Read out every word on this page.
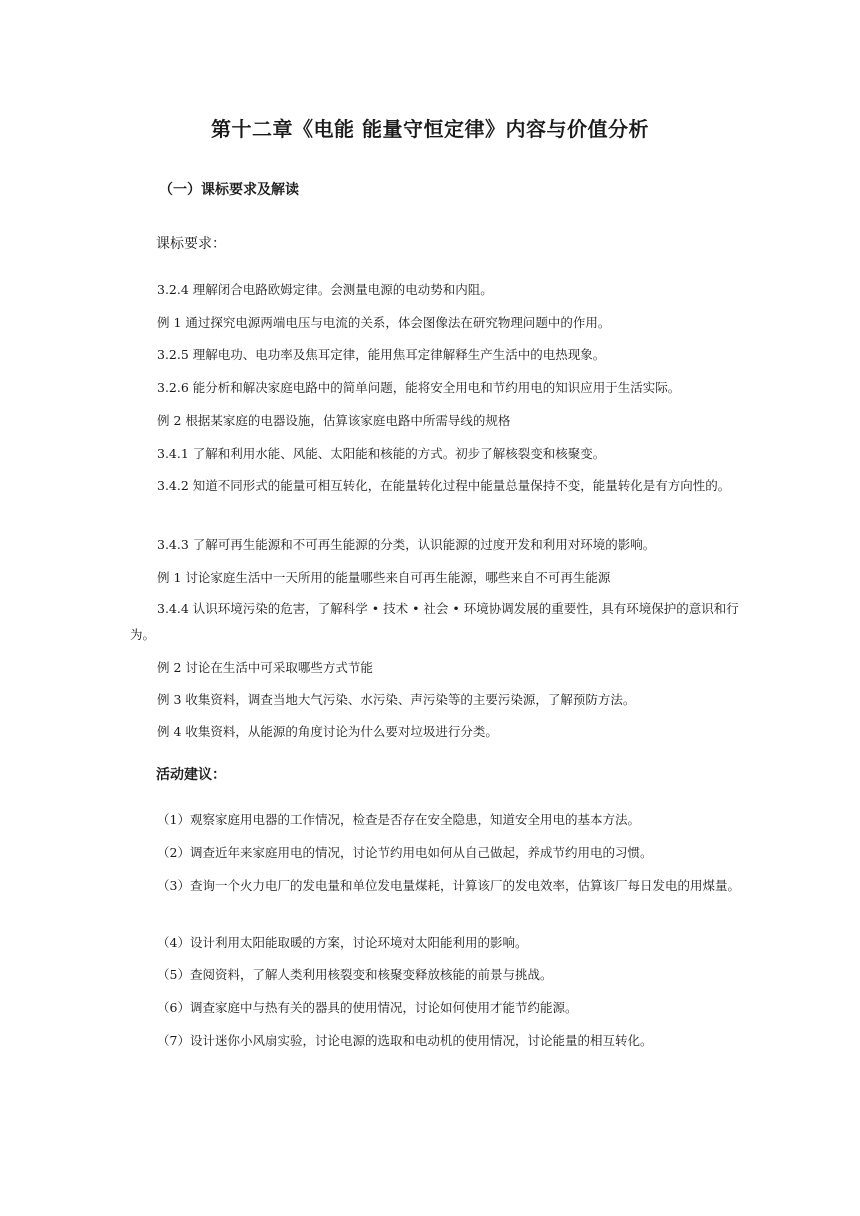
第十二章《电能 能量守恒定律》内容与价值分析
（一）课标要求及解读
课标要求：
3.2.4 理解闭合电路欧姆定律。会测量电源的电动势和内阻。
例 1 通过探究电源两端电压与电流的关系，体会图像法在研究物理问题中的作用。
3.2.5 理解电功、电功率及焦耳定律，能用焦耳定律解释生产生活中的电热现象。
3.2.6 能分析和解决家庭电路中的简单问题，能将安全用电和节约用电的知识应用于生活实际。
例 2 根据某家庭的电器设施，估算该家庭电路中所需导线的规格
3.4.1 了解和利用水能、风能、太阳能和核能的方式。初步了解核裂变和核聚变。
3.4.2 知道不同形式的能量可相互转化，在能量转化过程中能量总量保持不变，能量转化是有方向性的。
3.4.3 了解可再生能源和不可再生能源的分类，认识能源的过度开发和利用对环境的影响。
例 1 讨论家庭生活中一天所用的能量哪些来自可再生能源，哪些来自不可再生能源
3.4.4 认识环境污染的危害，了解科学 • 技术 • 社会 • 环境协调发展的重要性，具有环境保护的意识和行为。
例 2 讨论在生活中可采取哪些方式节能
例 3 收集资料，调查当地大气污染、水污染、声污染等的主要污染源，了解预防方法。
例 4 收集资料，从能源的角度讨论为什么要对垃圾进行分类。
活动建议：
（1）观察家庭用电器的工作情况，检查是否存在安全隐患，知道安全用电的基本方法。
（2）调查近年来家庭用电的情况，讨论节约用电如何从自己做起，养成节约用电的习惯。
（3）查询一个火力电厂的发电量和单位发电量煤耗，计算该厂的发电效率，估算该厂每日发电的用煤量。
（4）设计利用太阳能取暖的方案，讨论环境对太阳能利用的影响。
（5）查阅资料，了解人类利用核裂变和核聚变释放核能的前景与挑战。
（6）调查家庭中与热有关的器具的使用情况，讨论如何使用才能节约能源。
（7）设计迷你小风扇实验，讨论电源的选取和电动机的使用情况，讨论能量的相互转化。
